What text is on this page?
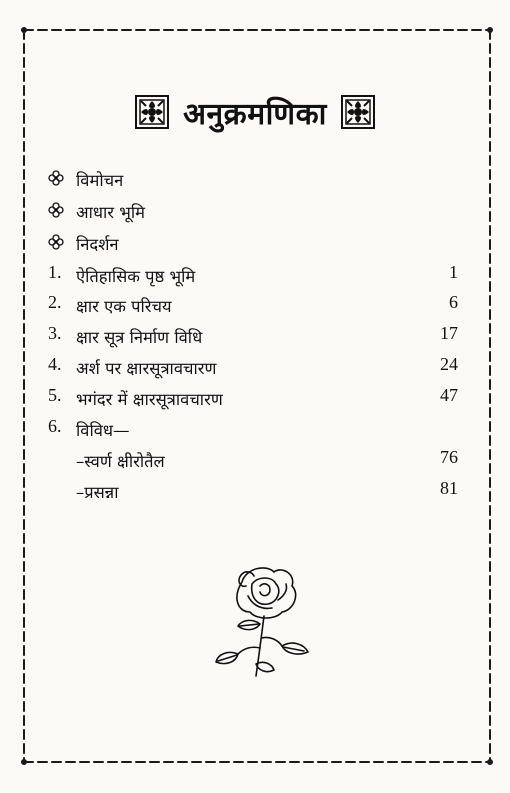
अनुक्रमणिका
विमोचन
आधार भूमि
निदर्शन
1. ऐतिहासिक पृष्ठ भूमि	1
2. क्षार एक परिचय	6
3. क्षार सूत्र निर्माण विधि	17
4. अर्श पर क्षारसूत्रावचारण	24
5. भगंदर में क्षारसूत्रावचारण	47
6. विविध—
–स्वर्ण क्षीरोतैल	76
–प्रसन्ना	81
